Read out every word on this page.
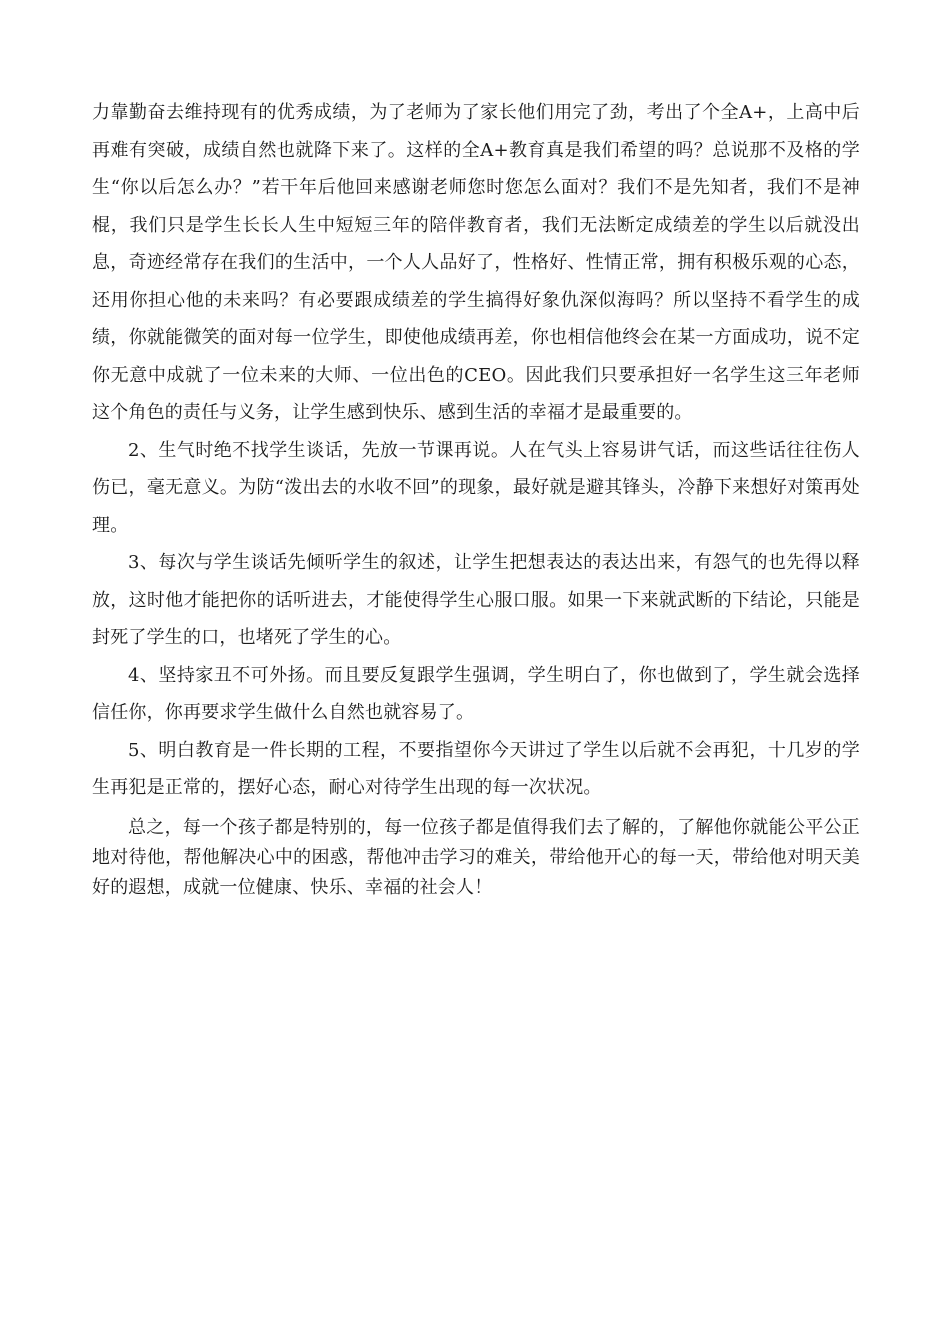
力靠勤奋去维持现有的优秀成绩，为了老师为了家长他们用完了劲，考出了个全A+，上高中后再难有突破，成绩自然也就降下来了。这样的全A+教育真是我们希望的吗？总说那不及格的学生“你以后怎么办？”若干年后他回来感谢老师您时您怎么面对？我们不是先知者，我们不是神棍，我们只是学生长长人生中短短三年的陪伴教育者，我们无法断定成绩差的学生以后就没出息，奇迹经常存在我们的生活中，一个人人品好了，性格好、性情正常，拥有积极乐观的心态，还用你担心他的未来吗？有必要跟成绩差的学生搞得好象仇深似海吗？所以坚持不看学生的成绩，你就能微笑的面对每一位学生，即使他成绩再差，你也相信他终会在某一方面成功，说不定你无意中成就了一位未来的大师、一位出色的CEO。因此我们只要承担好一名学生这三年老师这个角色的责任与义务，让学生感到快乐、感到生活的幸福才是最重要的。

2、生气时绝不找学生谈话，先放一节课再说。人在气头上容易讲气话，而这些话往往伤人伤已，毫无意义。为防“泼出去的水收不回”的现象，最好就是避其锋头，冷静下来想好对策再处理。

3、每次与学生谈话先倾听学生的叙述，让学生把想表达的表达出来，有怨气的也先得以释放，这时他才能把你的话听进去，才能使得学生心服口服。如果一下来就武断的下结论，只能是封死了学生的口，也堵死了学生的心。

4、坚持家丑不可外扬。而且要反复跟学生强调，学生明白了，你也做到了，学生就会选择信任你，你再要求学生做什么自然也就容易了。

5、明白教育是一件长期的工程，不要指望你今天讲过了学生以后就不会再犯，十几岁的学生再犯是正常的，摆好心态，耐心对待学生出现的每一次状况。

总之，每一个孩子都是特别的，每一位孩子都是值得我们去了解的，了解他你就能公平公正地对待他，帮他解决心中的困惑，帮他冲击学习的难关，带给他开心的每一天，带给他对明天美好的遐想，成就一位健康、快乐、幸福的社会人！
